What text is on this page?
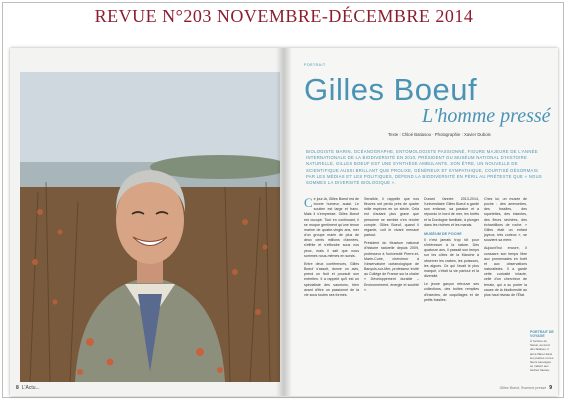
REVUE N°203 NOVEMBRE-DÉCEMBRE 2014
8 L'Actu...
PORTRAIT
Gilles Boeuf
L'homme pressé
Texte : Chloé Batiasou · Photographie : Xavier Dubois

BIOLOGISTE MARIN, OCÉANOGRAPHE, ENTOMOLOGISTE PASSIONNÉ, FIGURE MAJEURE DE L'ANNÉE INTERNATIONALE DE LA BIODIVERSITÉ EN 2010, PRÉSIDENT DU MUSÉUM NATIONAL D'HISTOIRE NATURELLE, GILLES BOEUF EST UNE SYNTHÈSE AMBULANTE. SON ÊTRE, UN NOUVELLE DE SCIENTIFIQUE AUSSI BRILLANT QUE PROLIXE, GÉNÉREUX ET SYMPATHIQUE, COURTISÉ DÉSORMAIS PAR LES MÉDIAS ET LES POLITIQUES, DÉFEND LA BIODIVERSITÉ EN PÉRIL AU PRÉTEXTE QUE « NOUS SOMMES LA DIVERSITÉ BIOLOGIQUE ».

Ce jour-là, Gilles Boeuf est de bonne humeur, aussi. Le soutien est large et franc. Mais il s'empresse. Gilles Boeuf est occupé. Tout en continuant, il se moque gentiment qu'une tenue marine de quatre-vingts ans, mer d'un groupe marin de plus de deux cents millions d'années, s'effrite et s'effondre sous nos yeux, mais il sait que nous sommes nous-mêmes en sursis.

Entre deux conférences, Gilles Boeuf s'assoit, donne un avis, prend un fruit et poursuit son entretien. Il a rappelé qu'il est un spécialiste des saumons, bien avant d'être un passionné de la vie sous toutes ses formes.

Sensible, il rappelle que nos fleuves ont perdu près de quatre mille espèces en un siècle. Cela est d'autant plus grave que personne ne semble s'en rendre compte. Gilles Boeuf, quand il regarde, voit le vivant menacé partout.

Président du Muséum national d'histoire naturelle depuis 2009, professeur à l'université Pierre-et-Marie-Curie, chercheur à l'observatoire océanologique de Banyuls-sur-Mer, professeur invité au Collège de France sur la chaire « Développement durable – Environnement, énergie et société ».

Durant l'année 2013-2014, l'universitaire Gilles Boeuf a gardé son enfance, sa passion et a répondu le bord de mer, les forêts et la Dordogne familiale, à plonger dans les rivières et les marais.

MUSÉUM DE POCHE

Il n'est jamais trop tôt pour s'intéresser à la nature. Dès quatorze ans, il passait son temps sur les côtes de la Manche à observer les crabes, les poissons, les algues. Ce qui l'avait le plus marqué, c'était la vie partout et la diversité.

Le jeune garçon retrouve ses collections, des boîtes remplies d'insectes, de coquillages et de petits fossiles.

Chez lui, un musée de poche : des ammonites, des fossiles, des squelettes, des insectes, des fleurs séchées, des échantillons de roche. « Gilles était un enfant joyeux, très curieux », se souvient sa mère.

Aujourd'hui encore, il consacre son temps libre aux promenades en forêt et aux observations naturalistes. Il a gardé cette curiosité intacte, celle d'un chercheur de terrain, qui a su porter la cause de la biodiversité au plus haut niveau de l'État.

PORTRAIT DE VOYAGE

À l'arrière du Sénat, au bord des falaises, il aime flâner dans les prairies où les fleurs sauvages se mêlent aux herbes hautes.

Gilles Boeuf, l'homme pressé 9
